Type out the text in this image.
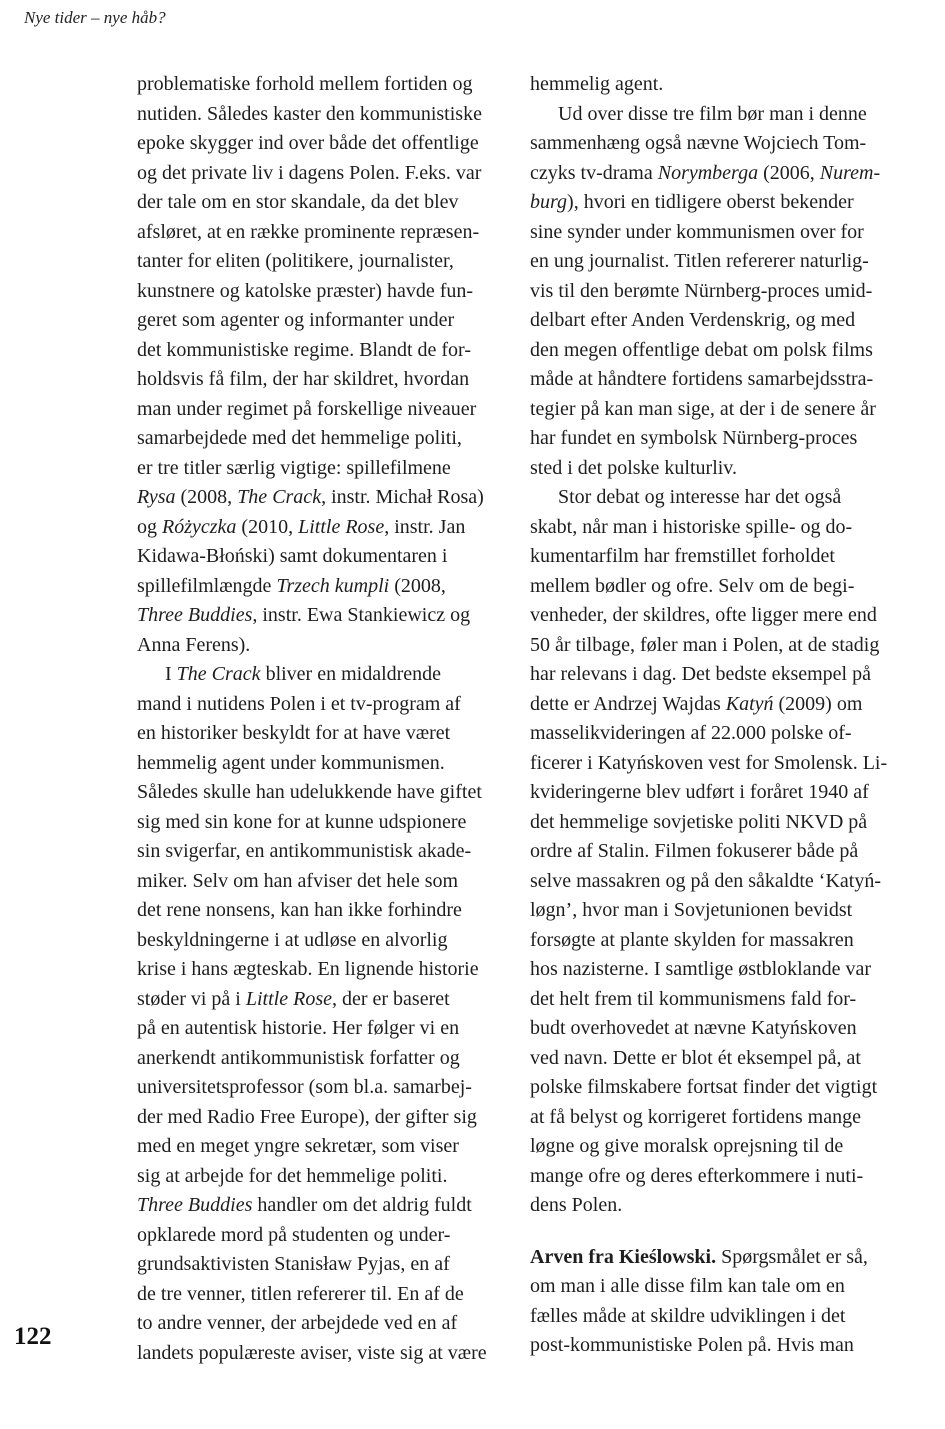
Nye tider – nye håb?
122
problematiske forhold mellem fortiden og
nutiden. Således kaster den kommunistiske
epoke skygger ind over både det offentlige
og det private liv i dagens Polen. F.eks. var
der tale om en stor skandale, da det blev
afsløret, at en række prominente repræsen-
tanter for eliten (politikere, journalister,
kunstnere og katolske præster) havde fun-
geret som agenter og informanter under
det kommunistiske regime. Blandt de for-
holdsvis få film, der har skildret, hvordan
man under regimet på forskellige niveauer
samarbejdede med det hemmelige politi,
er tre titler særlig vigtige: spillefilmene
Rysa (2008, The Crack, instr. Michał Rosa)
og Różyczka (2010, Little Rose, instr. Jan
Kidawa-Błoński) samt dokumentaren i
spillefilmlængde Trzech kumpli (2008,
Three Buddies, instr. Ewa Stankiewicz og
Anna Ferens).
I The Crack bliver en midaldrende
mand i nutidens Polen i et tv-program af
en historiker beskyldt for at have været
hemmelig agent under kommunismen.
Således skulle han udelukkende have giftet
sig med sin kone for at kunne udspionere
sin svigerfar, en antikommunistisk akade-
miker. Selv om han afviser det hele som
det rene nonsens, kan han ikke forhindre
beskyldningerne i at udløse en alvorlig
krise i hans ægteskab. En lignende historie
støder vi på i Little Rose, der er baseret
på en autentisk historie. Her følger vi en
anerkendt antikommunistisk forfatter og
universitetsprofessor (som bl.a. samarbej-
der med Radio Free Europe), der gifter sig
med en meget yngre sekretær, som viser
sig at arbejde for det hemmelige politi.
Three Buddies handler om det aldrig fuldt
opklarede mord på studenten og under-
grundsaktivisten Stanisław Pyjas, en af
de tre venner, titlen refererer til. En af de
to andre venner, der arbejdede ved en af
landets populæreste aviser, viste sig at være
hemmelig agent.
Ud over disse tre film bør man i denne
sammenhæng også nævne Wojciech Tom-
czyks tv-drama Norymberga (2006, Nurem-
burg), hvori en tidligere oberst bekender
sine synder under kommunismen over for
en ung journalist. Titlen refererer naturlig-
vis til den berømte Nürnberg-proces umid-
delbart efter Anden Verdenskrig, og med
den megen offentlige debat om polsk films
måde at håndtere fortidens samarbejdsstra-
tegier på kan man sige, at der i de senere år
har fundet en symbolsk Nürnberg-proces
sted i det polske kulturliv.
Stor debat og interesse har det også
skabt, når man i historiske spille- og do-
kumentarfilm har fremstillet forholdet
mellem bødler og ofre. Selv om de begi-
venheder, der skildres, ofte ligger mere end
50 år tilbage, føler man i Polen, at de stadig
har relevans i dag. Det bedste eksempel på
dette er Andrzej Wajdas Katyń (2009) om
masselikvideringen af 22.000 polske of-
ficerer i Katyńskoven vest for Smolensk. Li-
kvideringerne blev udført i foråret 1940 af
det hemmelige sovjetiske politi NKVD på
ordre af Stalin. Filmen fokuserer både på
selve massakren og på den såkaldte ‘Katyń-
løgn’, hvor man i Sovjetunionen bevidst
forsøgte at plante skylden for massakren
hos nazisterne. I samtlige østbloklande var
det helt frem til kommunismens fald for-
budt overhovedet at nævne Katyńskoven
ved navn. Dette er blot ét eksempel på, at
polske filmskabere fortsat finder det vigtigt
at få belyst og korrigeret fortidens mange
løgne og give moralsk oprejsning til de
mange ofre og deres efterkommere i nuti-
dens Polen.
Arven fra Kieślowski. Spørgsmålet er så,
om man i alle disse film kan tale om en
fælles måde at skildre udviklingen i det
post-kommunistiske Polen på. Hvis man
